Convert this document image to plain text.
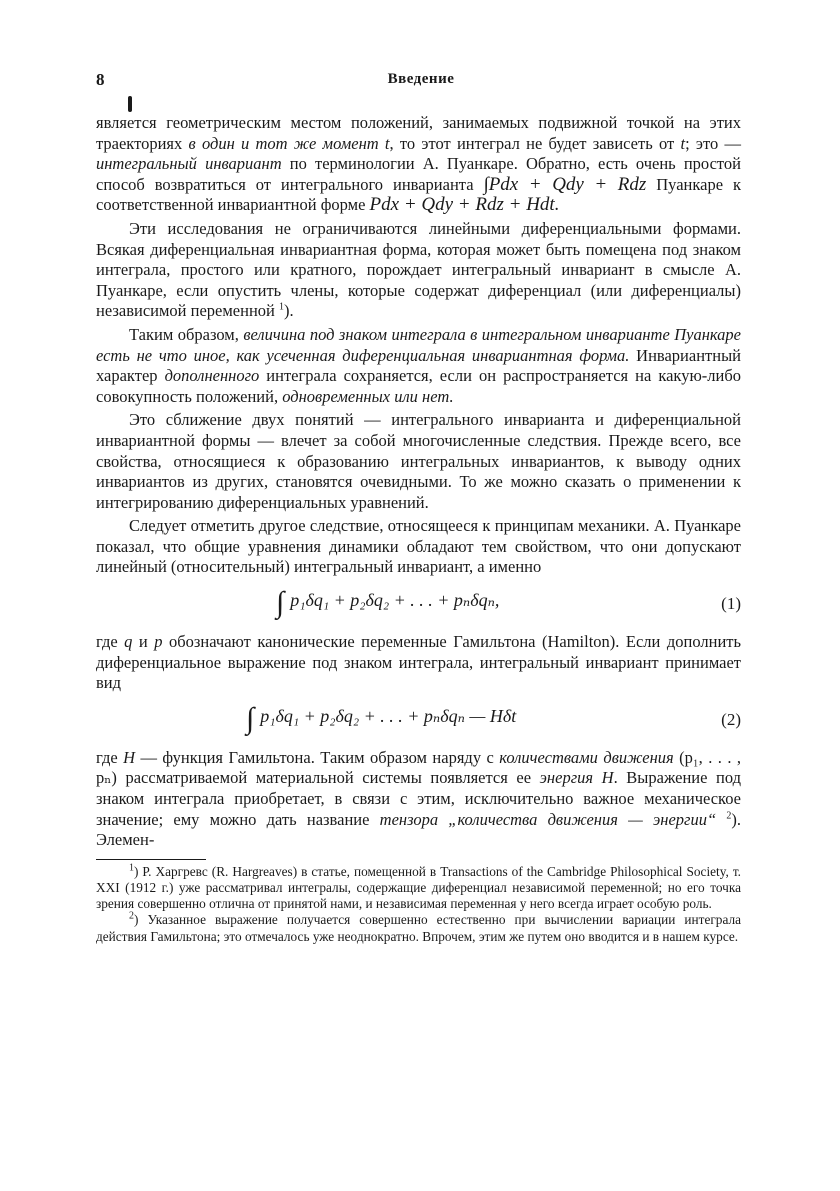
8	Введение

является геометрическим местом положений, занимаемых подвижной точкой на этих траекториях в один и тот же момент t, то этот интеграл не будет зависеть от t; это — интегральный инвариант по терминологии А. Пуанкаре. Обратно, есть очень простой способ возвратиться от интегрального инварианта ∫Pdx + Qdy + Rdz Пуанкаре к соответственной инвариантной форме Pdx + Qdy + Rdz + Hdt.

Эти исследования не ограничиваются линейными диференциальными формами. Всякая диференциальная инвариантная форма, которая может быть помещена под знаком интеграла, простого или кратного, порождает интегральный инвариант в смысле А. Пуанкаре, если опустить члены, которые содержат диференциал (или диференциалы) независимой переменной $^1$).

Таким образом, величина под знаком интеграла в интегральном инварианте Пуанкаре есть не что иное, как усеченная диференциальная инвариантная форма. Инвариантный характер дополненного интеграла сохраняется, если он распространяется на какую-либо совокупность положений, одновременных или нет.

Это сближение двух понятий — интегрального инварианта и диференциальной инвариантной формы — влечет за собой многочисленные следствия. Прежде всего, все свойства, относящиеся к образованию интегральных инвариантов, к выводу одних инвариантов из других, становятся очевидными. То же можно сказать о применении к интегрированию диференциальных уравнений.

Следует отметить другое следствие, относящееся к принципам механики. А. Пуанкаре показал, что общие уравнения динамики обладают тем свойством, что они допускают линейный (относительный) интегральный инвариант, а именно

∫ p₁δq₁ + p₂δq₂ + . . . + pₙδqₙ,	(1)

где q и p обозначают канонические переменные Гамильтона (Hamilton). Если дополнить диференциальное выражение под знаком интеграла, интегральный инвариант принимает вид

∫ p₁δq₁ + p₂δq₂ + . . . + pₙδqₙ — Hδt	(2)

где H — функция Гамильтона. Таким образом наряду с количествами движения (p₁, . . . , pₙ) рассматриваемой материальной системы появляется ее энергия H. Выражение под знаком интеграла приобретает, в связи с этим, исключительно важное механическое значение; ему можно дать название тензора „количества движения — энергии“ $^2$). Элемен-

$^1$) Р. Харгревс (R. Hargreaves) в статье, помещенной в Transactions of the Cambridge Philosophical Society, т. XXI (1912 г.) уже рассматривал интегралы, содержащие диференциал независимой переменной; но его точка зрения совершенно отлична от принятой нами, и независимая переменная у него всегда играет особую роль.

$^2$) Указанное выражение получается совершенно естественно при вычислении вариации интеграла действия Гамильтона; это отмечалось уже неоднократно. Впрочем, этим же путем оно вводится и в нашем курсе.
